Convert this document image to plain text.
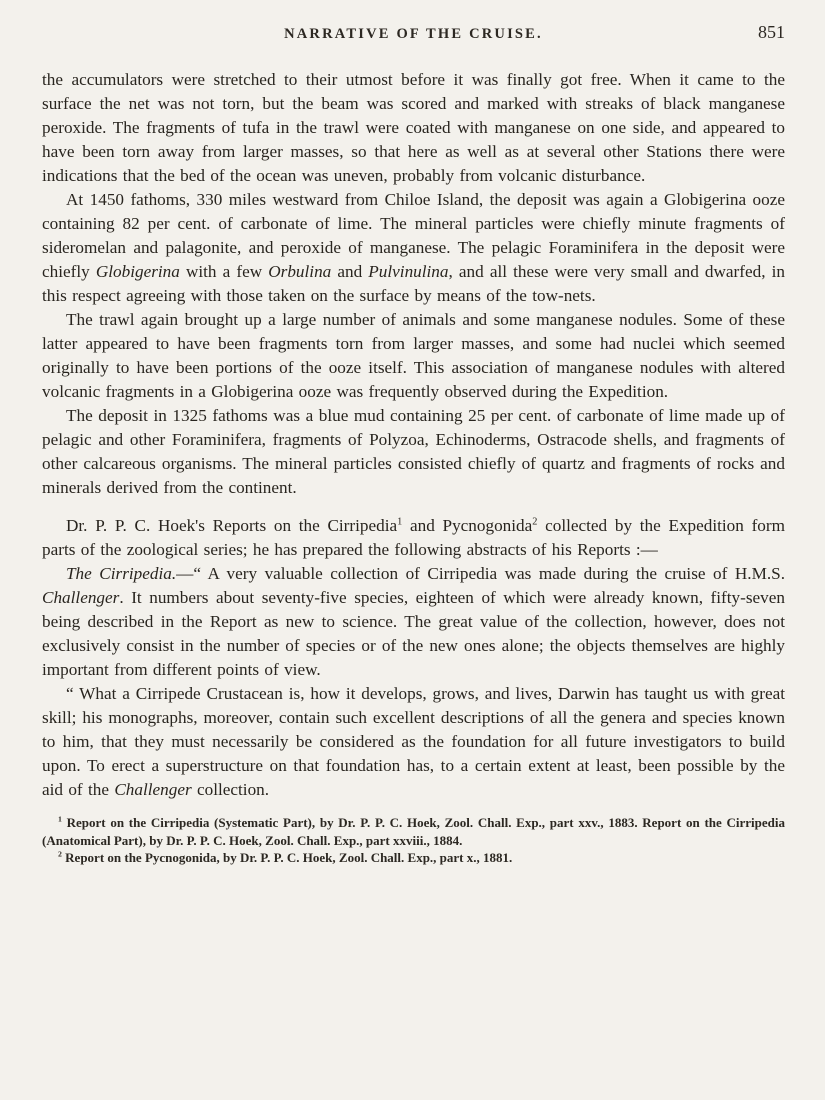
NARRATIVE OF THE CRUISE.	851

the accumulators were stretched to their utmost before it was finally got free. When it came to the surface the net was not torn, but the beam was scored and marked with streaks of black manganese peroxide. The fragments of tufa in the trawl were coated with manganese on one side, and appeared to have been torn away from larger masses, so that here as well as at several other Stations there were indications that the bed of the ocean was uneven, probably from volcanic disturbance.

At 1450 fathoms, 330 miles westward from Chiloe Island, the deposit was again a Globigerina ooze containing 82 per cent. of carbonate of lime. The mineral particles were chiefly minute fragments of sideromelan and palagonite, and peroxide of manganese. The pelagic Foraminifera in the deposit were chiefly Globigerina with a few Orbulina and Pulvinulina, and all these were very small and dwarfed, in this respect agreeing with those taken on the surface by means of the tow-nets.

The trawl again brought up a large number of animals and some manganese nodules. Some of these latter appeared to have been fragments torn from larger masses, and some had nuclei which seemed originally to have been portions of the ooze itself. This association of manganese nodules with altered volcanic fragments in a Globigerina ooze was frequently observed during the Expedition.

The deposit in 1325 fathoms was a blue mud containing 25 per cent. of carbonate of lime made up of pelagic and other Foraminifera, fragments of Polyzoa, Echinoderms, Ostracode shells, and fragments of other calcareous organisms. The mineral particles consisted chiefly of quartz and fragments of rocks and minerals derived from the continent.

Dr. P. P. C. Hoek's Reports on the Cirripedia$^1$ and Pycnogonida$^2$ collected by the Expedition form parts of the zoological series; he has prepared the following abstracts of his Reports :—

The Cirripedia.—“ A very valuable collection of Cirripedia was made during the cruise of H.M.S. Challenger. It numbers about seventy-five species, eighteen of which were already known, fifty-seven being described in the Report as new to science. The great value of the collection, however, does not exclusively consist in the number of species or of the new ones alone; the objects themselves are highly important from different points of view.

“ What a Cirripede Crustacean is, how it develops, grows, and lives, Darwin has taught us with great skill; his monographs, moreover, contain such excellent descriptions of all the genera and species known to him, that they must necessarily be considered as the foundation for all future investigators to build upon. To erect a superstructure on that foundation has, to a certain extent at least, been possible by the aid of the Challenger collection.

$^1$ Report on the Cirripedia (Systematic Part), by Dr. P. P. C. Hoek, Zool. Chall. Exp., part xxv., 1883. Report on the Cirripedia (Anatomical Part), by Dr. P. P. C. Hoek, Zool. Chall. Exp., part xxviii., 1884.

$^2$ Report on the Pycnogonida, by Dr. P. P. C. Hoek, Zool. Chall. Exp., part x., 1881.
